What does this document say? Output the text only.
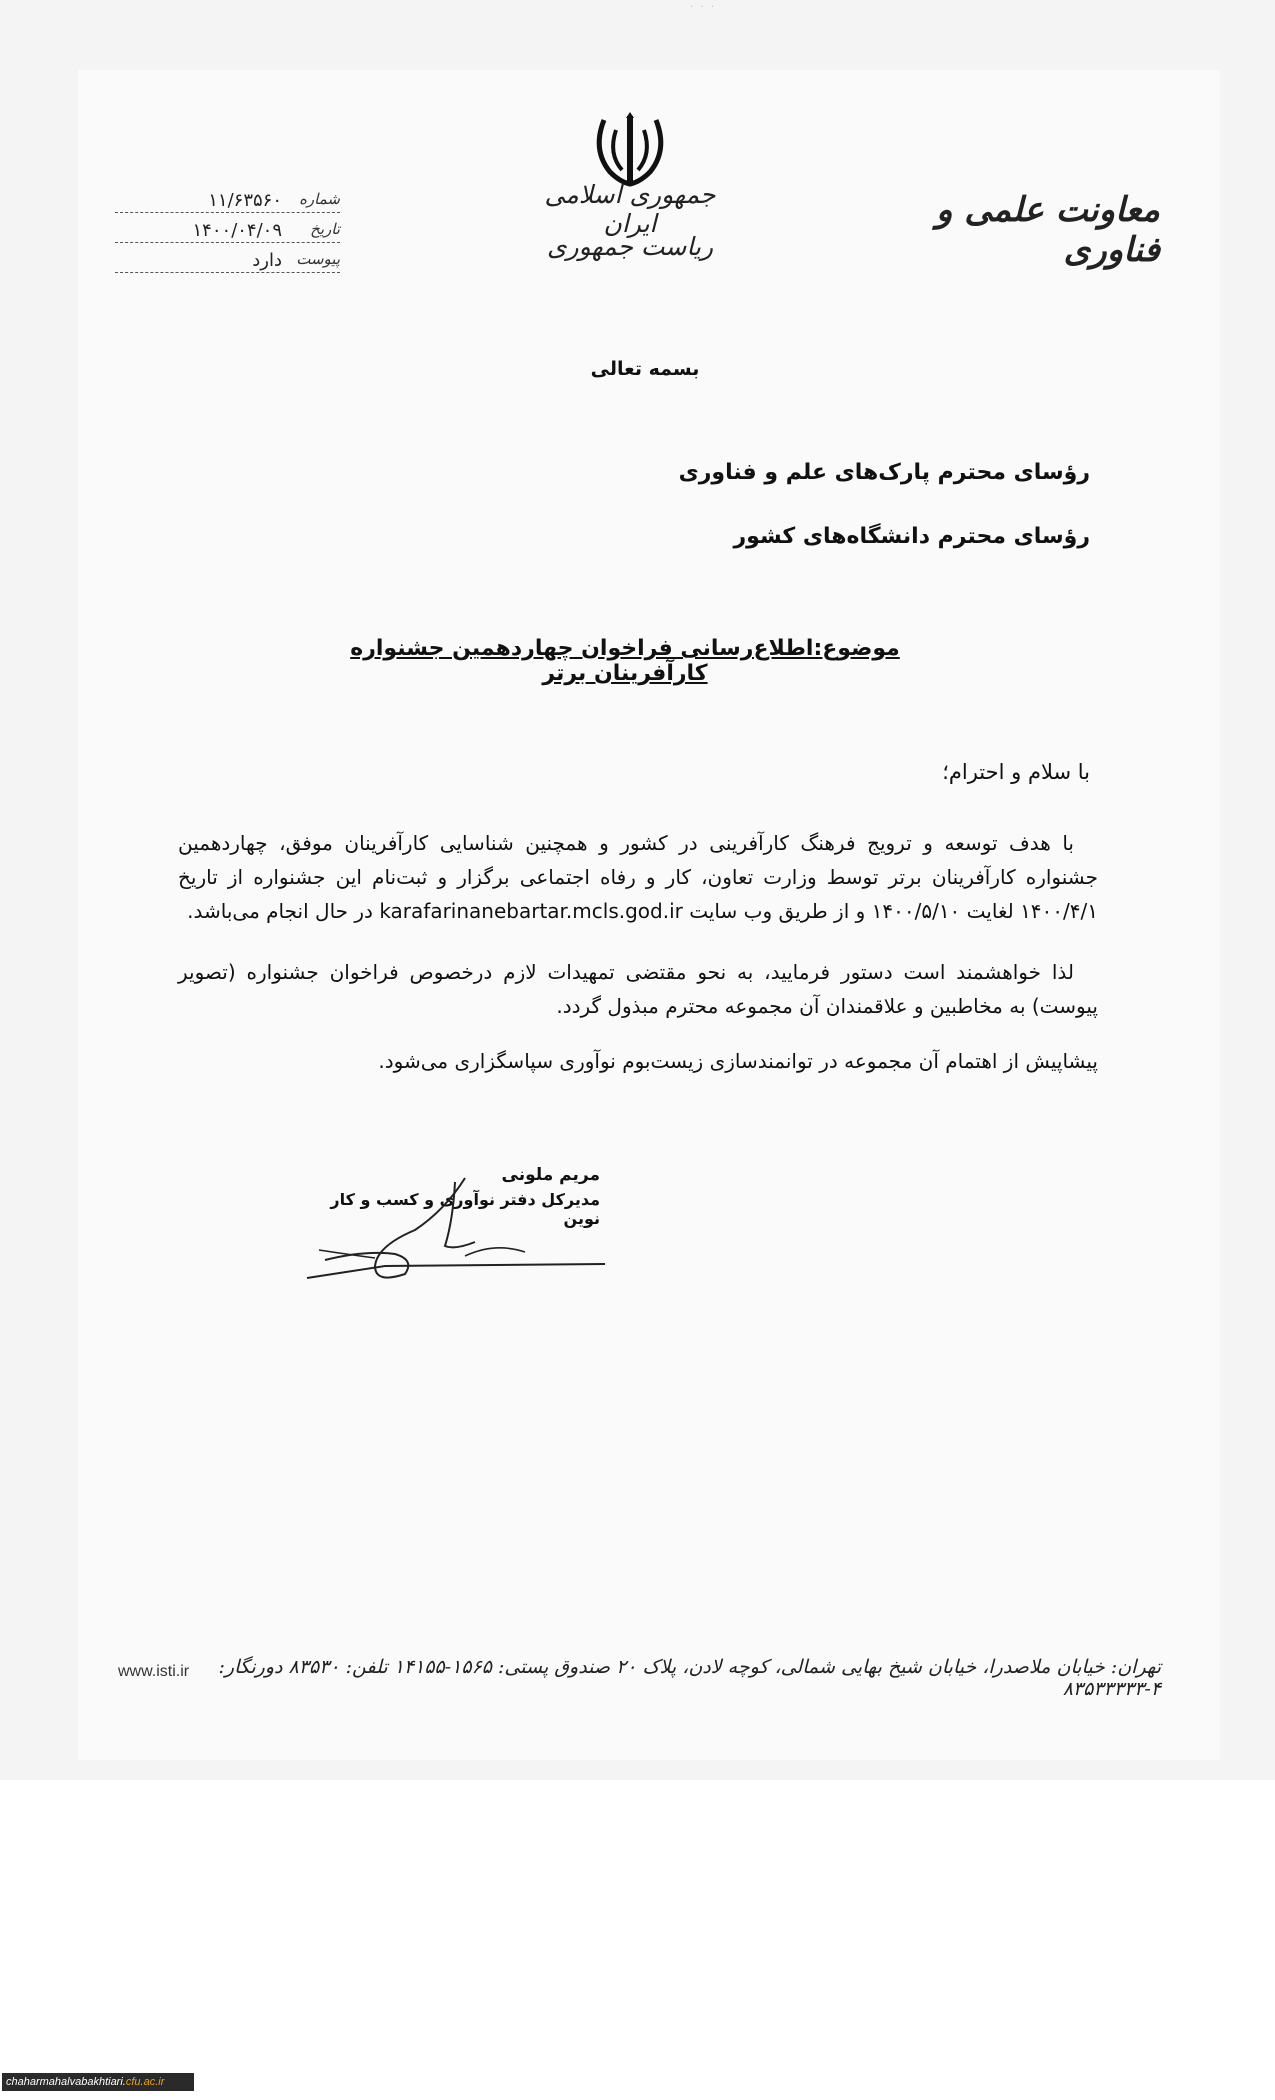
· · ·
جمهوری اسلامی ایران
ریاست جمهوری
معاونت علمی و فناوری
شماره
۱۱/۶۳۵۶۰
تاریخ
۱۴۰۰/۰۴/۰۹
پیوست
دارد
بسمه تعالی
رؤسای محترم پارک‌های علم و فناوری
رؤسای محترم دانشگاه‌های کشور
موضوع:اطلاع‌رسانی فراخوان چهاردهمین جشنواره کارآفرینان برتر
با سلام و احترام؛
با هدف توسعه و ترویج فرهنگ کارآفرینی در کشور و همچنین شناسایی کارآفرینان موفق، چهاردهمین جشنواره کارآفرینان برتر توسط وزارت تعاون، کار و رفاه اجتماعی برگزار و ثبت‌نام این جشنواره از تاریخ ۱۴۰۰/۴/۱ لغایت ۱۴۰۰/۵/۱۰ و از طریق وب سایت karafarinanebartar.mcls.god.ir در حال انجام می‌باشد.
لذا خواهشمند است دستور فرمایید، به نحو مقتضی تمهیدات لازم درخصوص فراخوان جشنواره (تصویر پیوست) به مخاطبین و علاقمندان آن مجموعه محترم مبذول گردد.
پیشاپیش از اهتمام آن مجموعه در توانمندسازی زیست‌بوم نوآوری سپاسگزاری می‌شود.
مریم ملونی
مدیرکل دفتر نوآوری و کسب و کار نوین
تهران: خیابان ملاصدرا، خیابان شیخ بهایی شمالی، کوچه لادن، پلاک ۲۰ صندوق پستی: ۱۵۶۵-۱۴۱۵۵ تلفن: ۸۳۵۳۰ دورنگار: ۴-۸۳۵۳۳۳۳۳
www.isti.ir
chaharmahalvabakhtiari.cfu.ac.ir
